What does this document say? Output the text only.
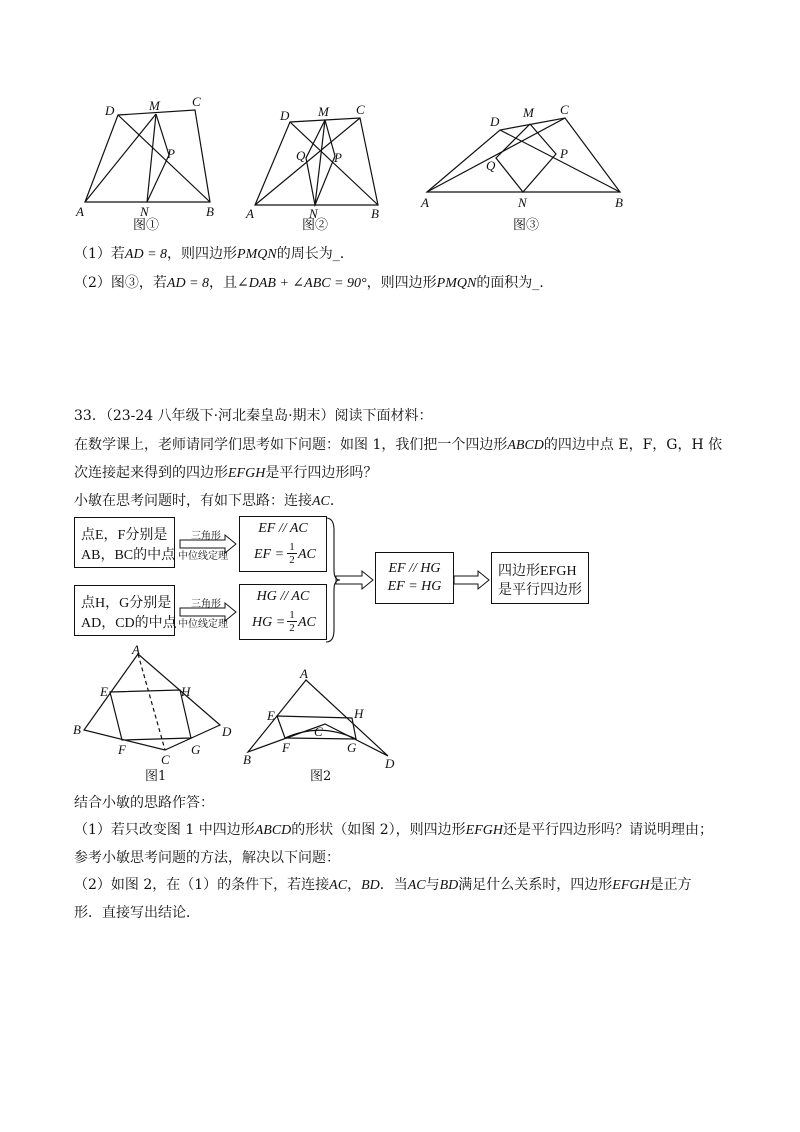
A
D	M C
P
N	B A
D M C
Q P
N	B
A
D
M C
Q
P
N	B
图①	图②	图③
（1）若AD = 8，则四边形PMQN的周长为_.
（2）图③，若AD = 8，且∠DAB + ∠ABC = 90°，则四边形PMQN的面积为_.
33．（23-24 八年级下·河北秦皇岛·期末）阅读下面材料：
在数学课上，老师请同学们思考如下问题：如图 1，我们把一个四边形ABCD的四边中点 E，F，G，H 依
次连接起来得到的四边形EFGH是平行四边形吗？
小敏在思考问题时，有如下思路：连接AC．
点E，F分别是
AB，BC的中点
点H，G分别是
AD，CD的中点
三角形
中位线定理
三角形
中位线定理
EF // AC
EF = $\frac{1}{2}$ AC
HG // AC
HG = $\frac{1}{2}$ AC
EF // HG
EF = HG
四边形EFGH
是平行四边形
A
E	H
B	D
F	G
C
A
E	H
C
F	G
B	D
图1	图2
结合小敏的思路作答：
（1）若只改变图 1 中四边形ABCD的形状（如图 2），则四边形EFGH还是平行四边形吗？请说明理由；
参考小敏思考问题的方法，解决以下问题：
（2）如图 2，在（1）的条件下，若连接AC，BD．当AC与BD满足什么关系时，四边形EFGH是正方
形．直接写出结论．
